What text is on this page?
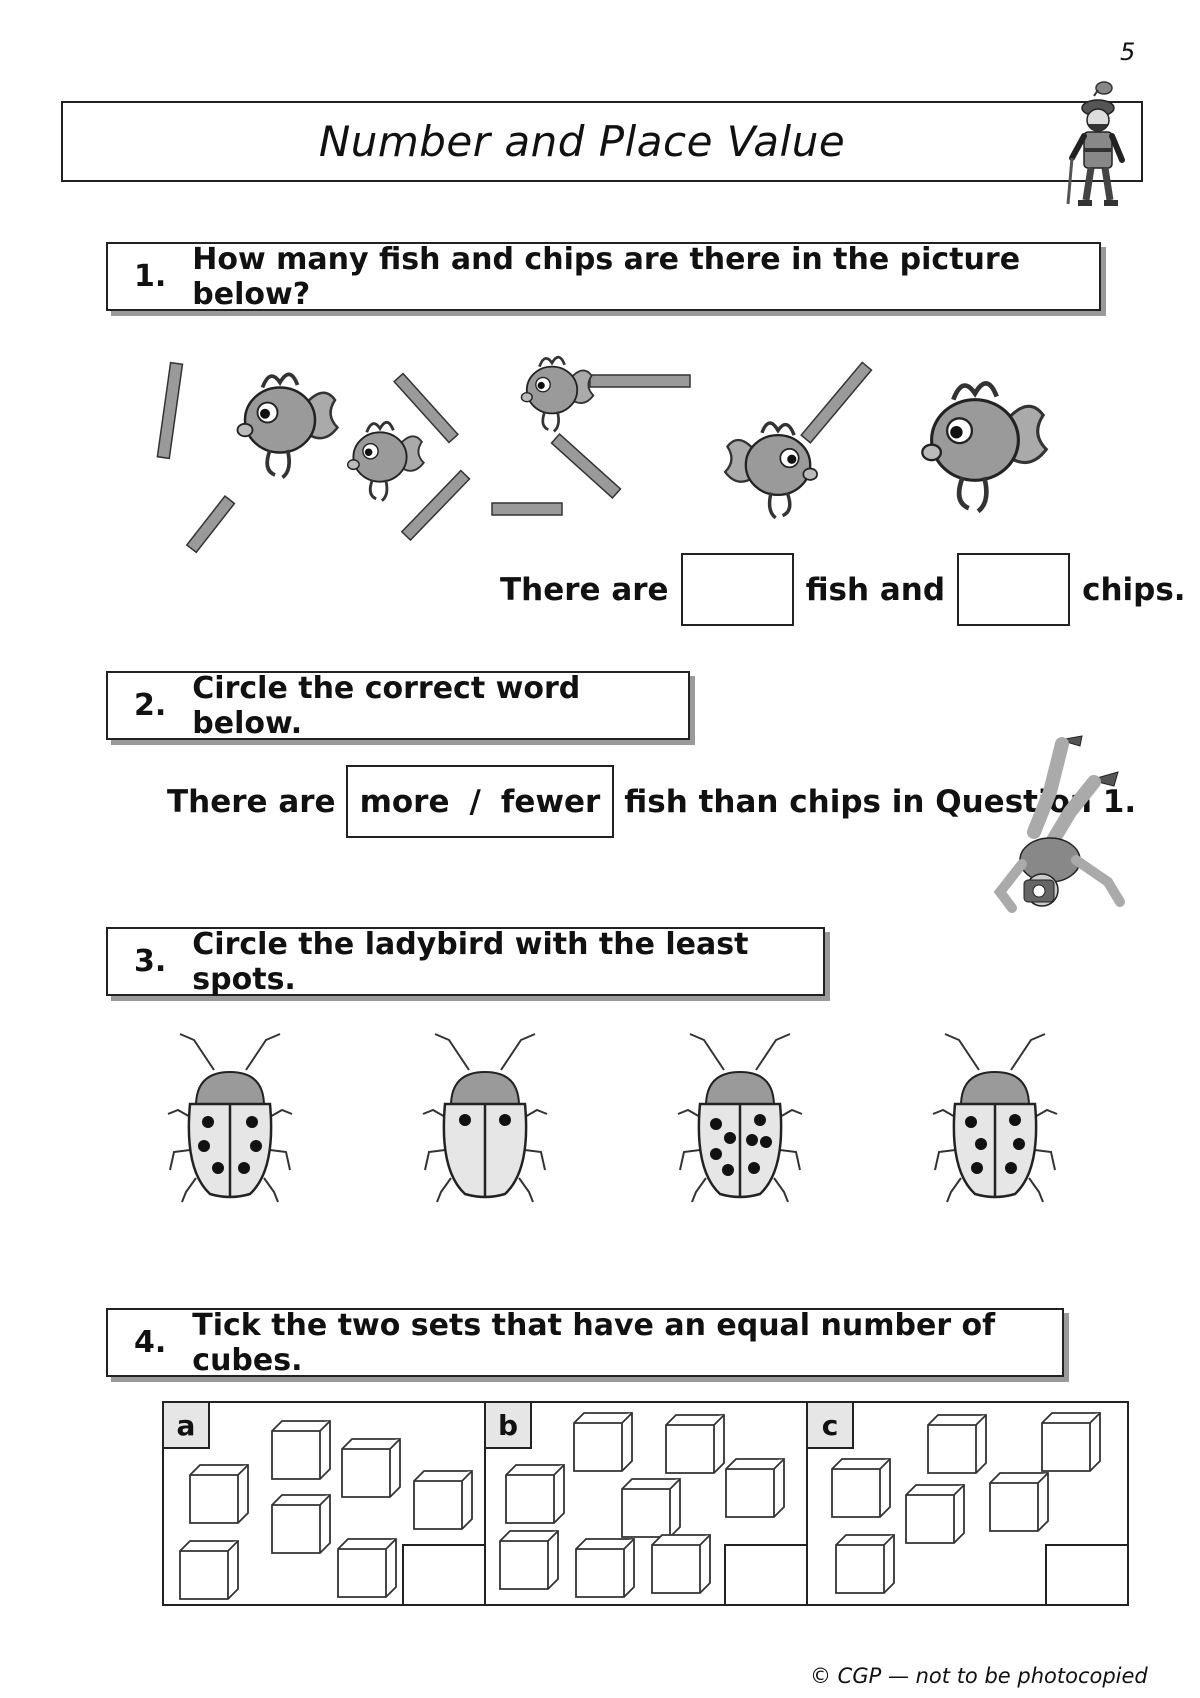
5
Number and Place Value
1. How many fish and chips are there in the picture below?
There are	fish and	chips.
2. Circle the correct word below.
There are more / fewer fish than chips in Question 1.
3. Circle the ladybird with the least spots.
4. Tick the two sets that have an equal number of cubes.
a	b	c
© CGP — not to be photocopied
